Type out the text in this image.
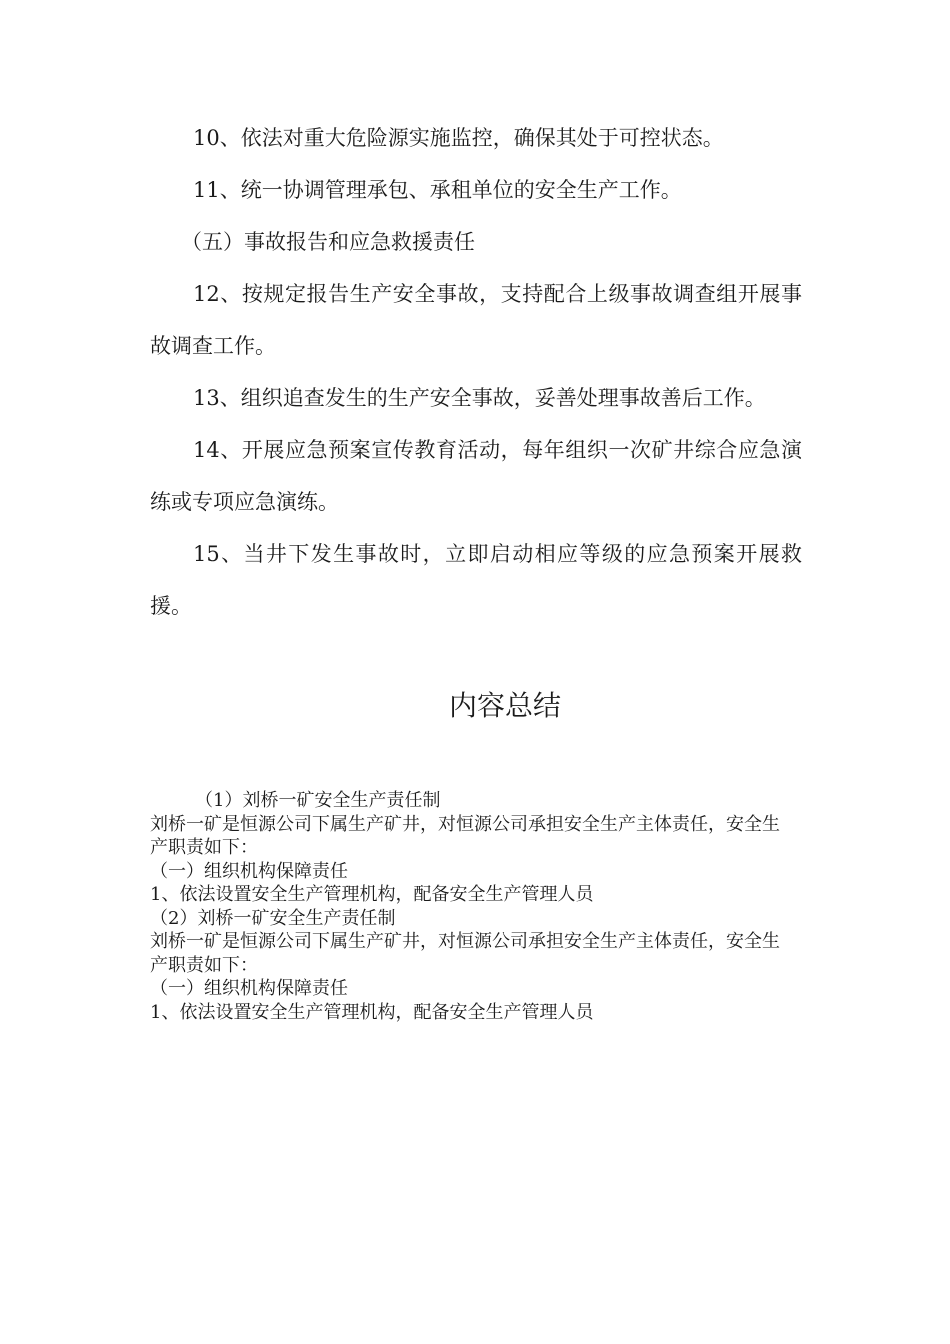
10、依法对重大危险源实施监控，确保其处于可控状态。

11、统一协调管理承包、承租单位的安全生产工作。

（五）事故报告和应急救援责任

12、按规定报告生产安全事故，支持配合上级事故调查组开展事故调查工作。

13、组织追查发生的生产安全事故，妥善处理事故善后工作。

14、开展应急预案宣传教育活动，每年组织一次矿井综合应急演练或专项应急演练。

15、当井下发生事故时，立即启动相应等级的应急预案开展救援。

内容总结

（1）刘桥一矿安全生产责任制

刘桥一矿是恒源公司下属生产矿井，对恒源公司承担安全生产主体责任，安全生产职责如下：

（一）组织机构保障责任

1、依法设置安全生产管理机构，配备安全生产管理人员

（2）刘桥一矿安全生产责任制

刘桥一矿是恒源公司下属生产矿井，对恒源公司承担安全生产主体责任，安全生产职责如下：

（一）组织机构保障责任

1、依法设置安全生产管理机构，配备安全生产管理人员
